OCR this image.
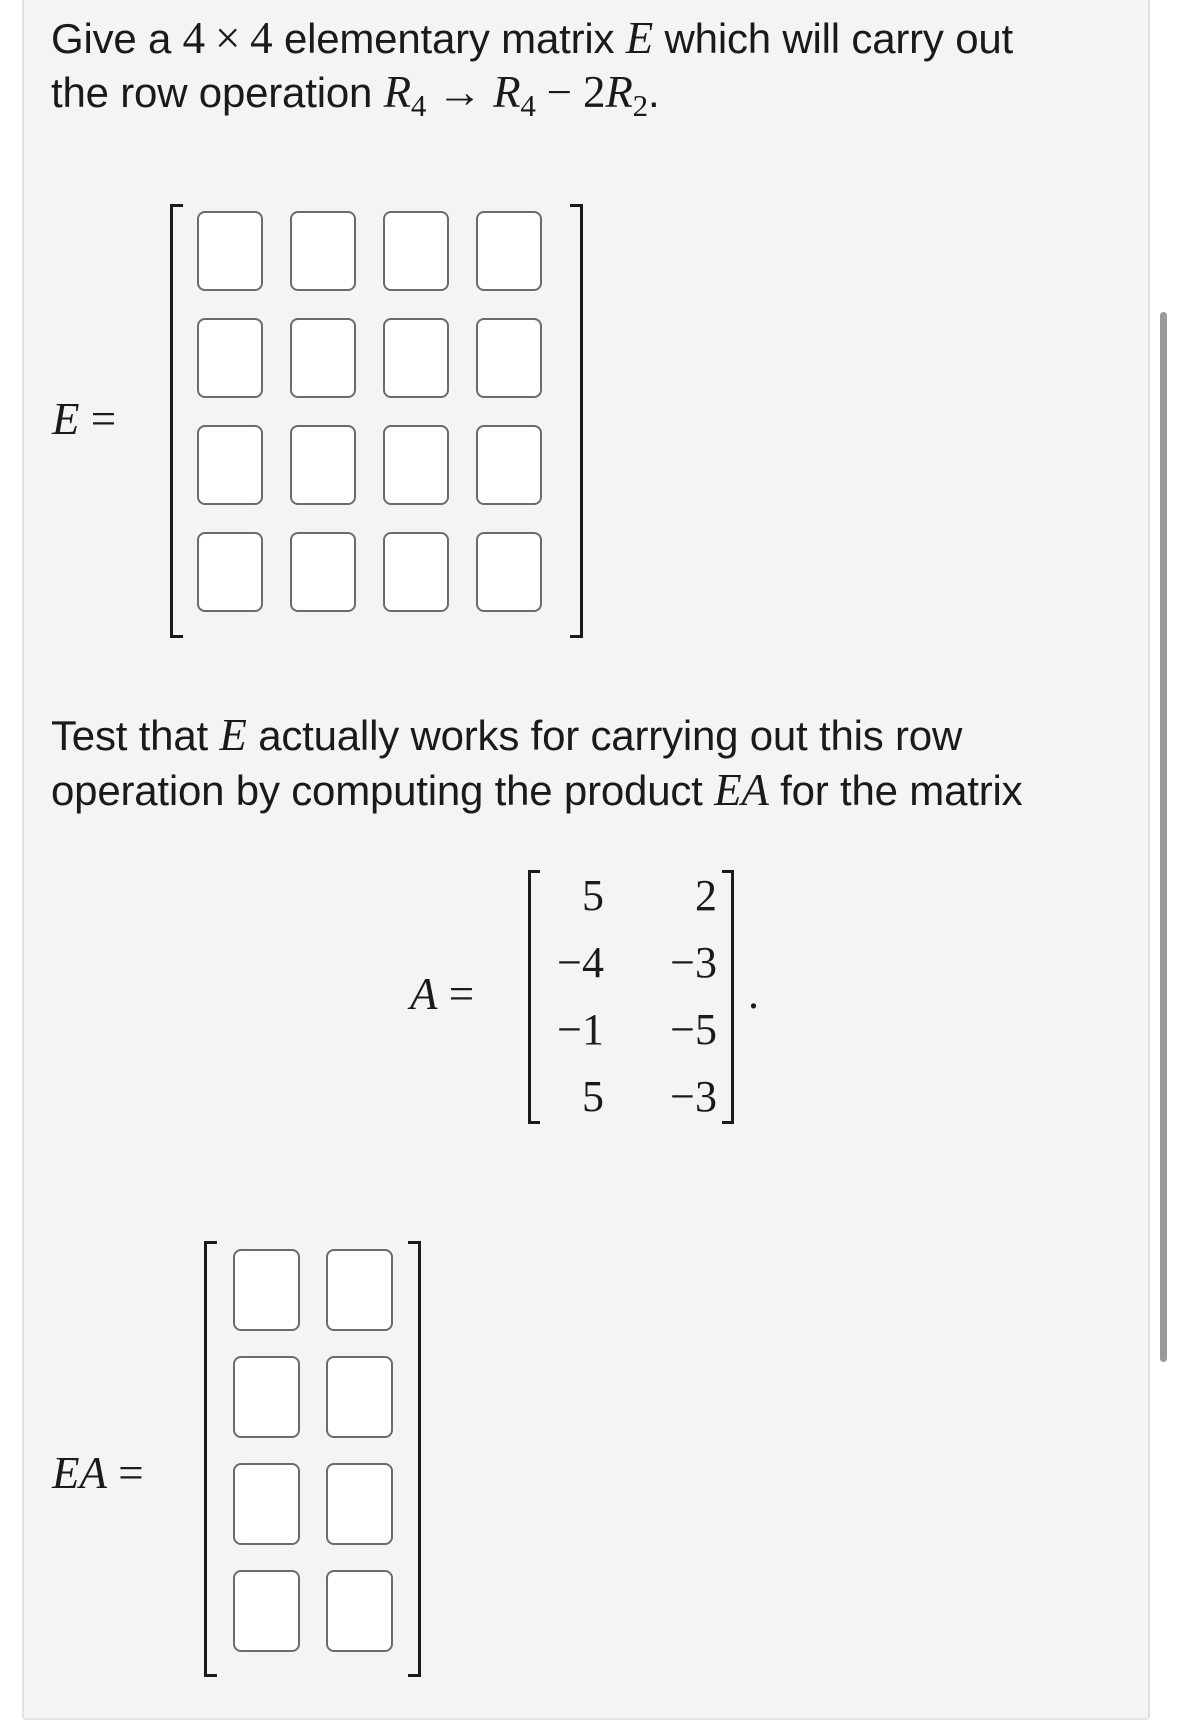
Give a 4 × 4 elementary matrix E which will carry out

the row operation $R_4 \to R_4 - 2R_2$.

E =

Test that E actually works for carrying out this row

operation by computing the product EA for the matrix

A =
5	2
−4	−3
−1	−5
5	−3
.
EA =
